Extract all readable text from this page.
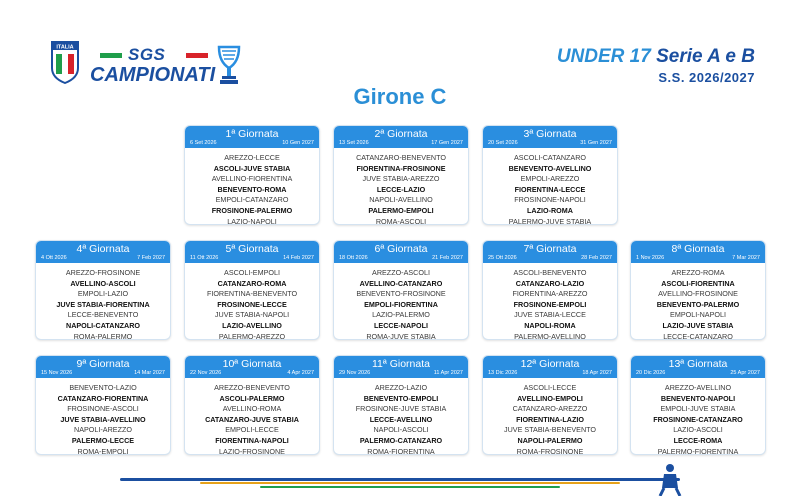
ITALIA	SGS
CAMPIONATI
UNDER 17 Serie A e B
S.S. 2026/2027
Girone C
1ª Giornata
6 Set 2026	10 Gen 2027
AREZZO-LECCE
ASCOLI-JUVE STABIA
AVELLINO-FIORENTINA
BENEVENTO-ROMA
EMPOLI-CATANZARO
FROSINONE-PALERMO
LAZIO-NAPOLI
2ª Giornata
13 Set 2026	17 Gen 2027
CATANZARO-BENEVENTO
FIORENTINA-FROSINONE
JUVE STABIA-AREZZO
LECCE-LAZIO
NAPOLI-AVELLINO
PALERMO-EMPOLI
ROMA-ASCOLI
3ª Giornata
20 Set 2026	31 Gen 2027
ASCOLI-CATANZARO
BENEVENTO-AVELLINO
EMPOLI-AREZZO
FIORENTINA-LECCE
FROSINONE-NAPOLI
LAZIO-ROMA
PALERMO-JUVE STABIA
4ª Giornata
4 Ott 2026	7 Feb 2027
AREZZO-FROSINONE
AVELLINO-ASCOLI
EMPOLI-LAZIO
JUVE STABIA-FIORENTINA
LECCE-BENEVENTO
NAPOLI-CATANZARO
ROMA-PALERMO
5ª Giornata
11 Ott 2026	14 Feb 2027
ASCOLI-EMPOLI
CATANZARO-ROMA
FIORENTINA-BENEVENTO
FROSINONE-LECCE
JUVE STABIA-NAPOLI
LAZIO-AVELLINO
PALERMO-AREZZO
6ª Giornata
18 Ott 2026	21 Feb 2027
AREZZO-ASCOLI
AVELLINO-CATANZARO
BENEVENTO-FROSINONE
EMPOLI-FIORENTINA
LAZIO-PALERMO
LECCE-NAPOLI
ROMA-JUVE STABIA
7ª Giornata
25 Ott 2026	28 Feb 2027
ASCOLI-BENEVENTO
CATANZARO-LAZIO
FIORENTINA-AREZZO
FROSINONE-EMPOLI
JUVE STABIA-LECCE
NAPOLI-ROMA
PALERMO-AVELLINO
8ª Giornata
1 Nov 2026	7 Mar 2027
AREZZO-ROMA
ASCOLI-FIORENTINA
AVELLINO-FROSINONE
BENEVENTO-PALERMO
EMPOLI-NAPOLI
LAZIO-JUVE STABIA
LECCE-CATANZARO
9ª Giornata
15 Nov 2026	14 Mar 2027
BENEVENTO-LAZIO
CATANZARO-FIORENTINA
FROSINONE-ASCOLI
JUVE STABIA-AVELLINO
NAPOLI-AREZZO
PALERMO-LECCE
ROMA-EMPOLI
10ª Giornata
22 Nov 2026	4 Apr 2027
AREZZO-BENEVENTO
ASCOLI-PALERMO
AVELLINO-ROMA
CATANZARO-JUVE STABIA
EMPOLI-LECCE
FIORENTINA-NAPOLI
LAZIO-FROSINONE
11ª Giornata
29 Nov 2026	11 Apr 2027
AREZZO-LAZIO
BENEVENTO-EMPOLI
FROSINONE-JUVE STABIA
LECCE-AVELLINO
NAPOLI-ASCOLI
PALERMO-CATANZARO
ROMA-FIORENTINA
12ª Giornata
13 Dic 2026	18 Apr 2027
ASCOLI-LECCE
AVELLINO-EMPOLI
CATANZARO-AREZZO
FIORENTINA-LAZIO
JUVE STABIA-BENEVENTO
NAPOLI-PALERMO
ROMA-FROSINONE
13ª Giornata
20 Dic 2026	25 Apr 2027
AREZZO-AVELLINO
BENEVENTO-NAPOLI
EMPOLI-JUVE STABIA
FROSINONE-CATANZARO
LAZIO-ASCOLI
LECCE-ROMA
PALERMO-FIORENTINA
